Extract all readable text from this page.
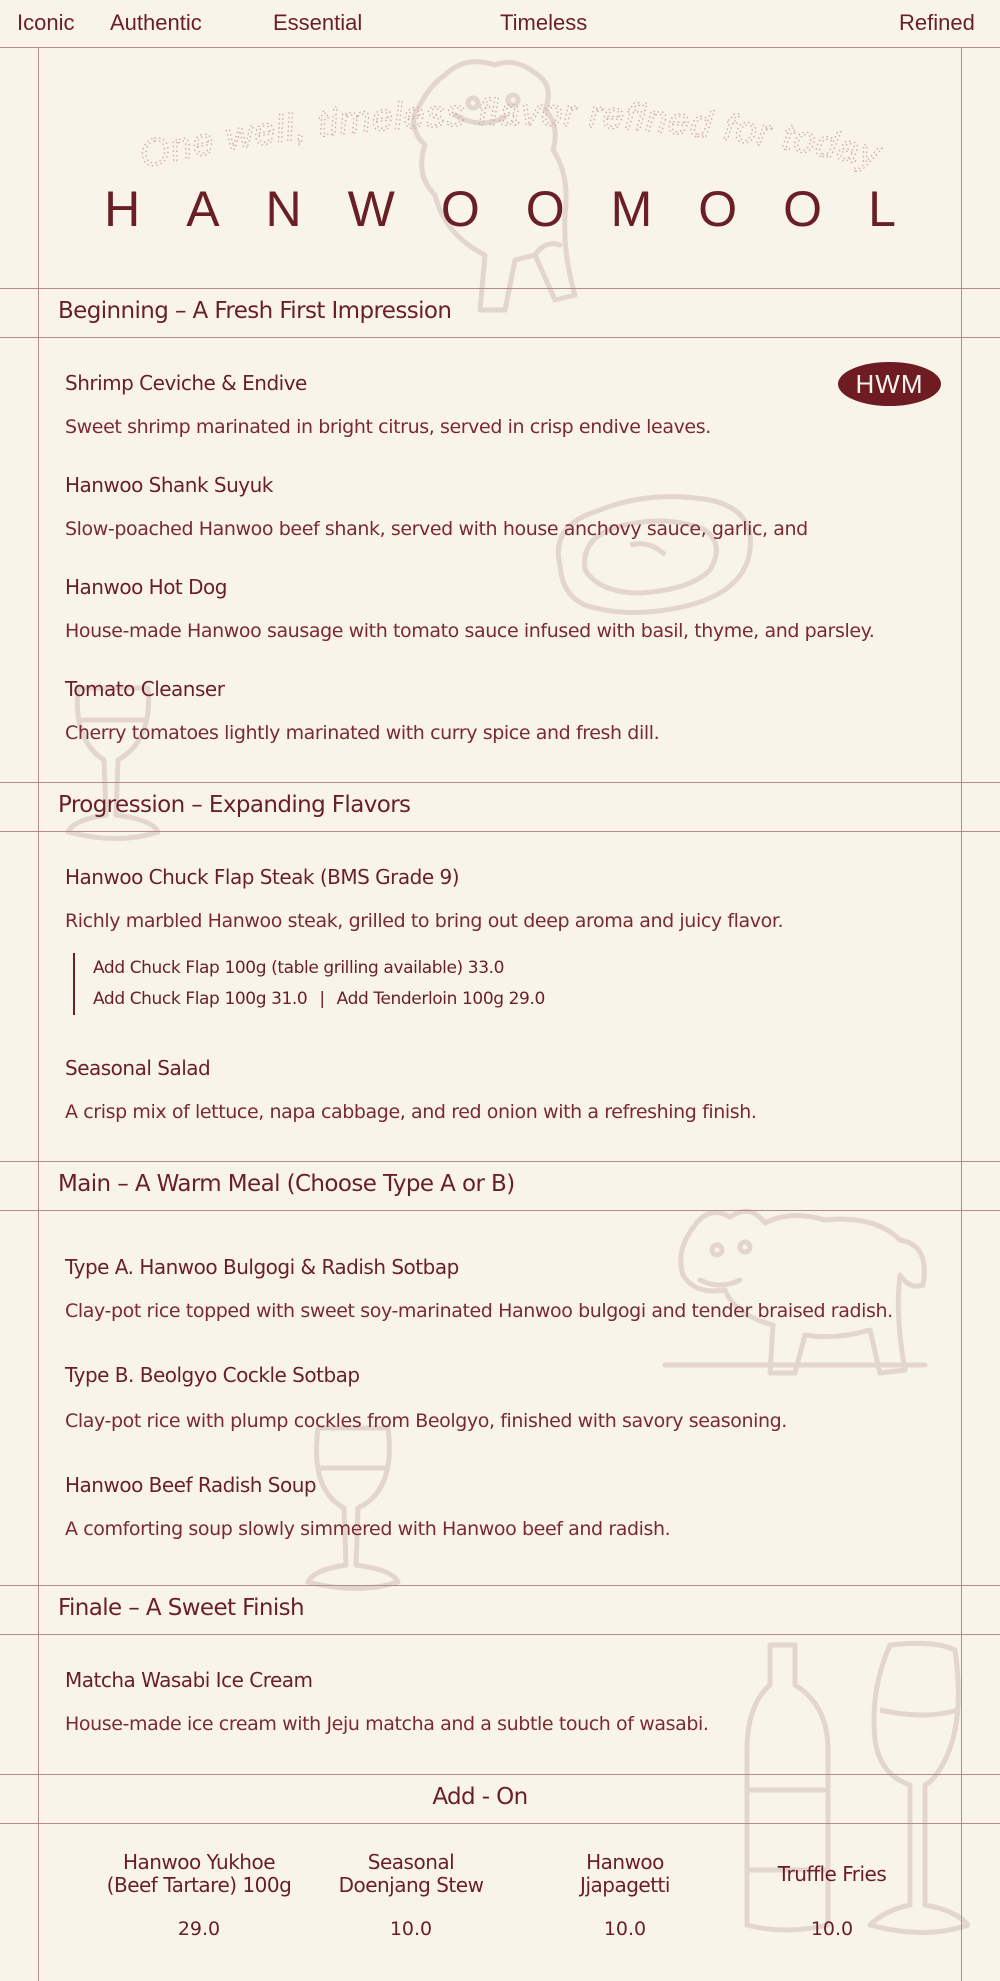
Iconic Authentic	Essential	Timeless	Refined
One well, timeless flavor refined for today
HANWOOMOOL
Beginning – A Fresh First Impression
HWM
Shrimp Ceviche & Endive
Sweet shrimp marinated in bright citrus, served in crisp endive leaves.
Hanwoo Shank Suyuk
Slow-poached Hanwoo beef shank, served with house anchovy sauce, garlic, and
Hanwoo Hot Dog
House-made Hanwoo sausage with tomato sauce infused with basil, thyme, and parsley.
Tomato Cleanser
Cherry tomatoes lightly marinated with curry spice and fresh dill.
Progression – Expanding Flavors
Hanwoo Chuck Flap Steak (BMS Grade 9)
Richly marbled Hanwoo steak, grilled to bring out deep aroma and juicy flavor.
Add Chuck Flap 100g (table grilling available) 33.0
Add Chuck Flap 100g 31.0 | Add Tenderloin 100g 29.0
Seasonal Salad
A crisp mix of lettuce, napa cabbage, and red onion with a refreshing finish.
Main – A Warm Meal (Choose Type A or B)
Type A. Hanwoo Bulgogi & Radish Sotbap
Clay-pot rice topped with sweet soy-marinated Hanwoo bulgogi and tender braised radish.
Type B. Beolgyo Cockle Sotbap
Clay-pot rice with plump cockles from Beolgyo, finished with savory seasoning.
Hanwoo Beef Radish Soup
A comforting soup slowly simmered with Hanwoo beef and radish.
Finale – A Sweet Finish
Matcha Wasabi Ice Cream
House-made ice cream with Jeju matcha and a subtle touch of wasabi.
Add - On
Hanwoo Yukhoe
(Beef Tartare) 100g
29.0
Seasonal
Doenjang Stew
10.0
Hanwoo
Jjapagetti
10.0
Truffle Fries
10.0
